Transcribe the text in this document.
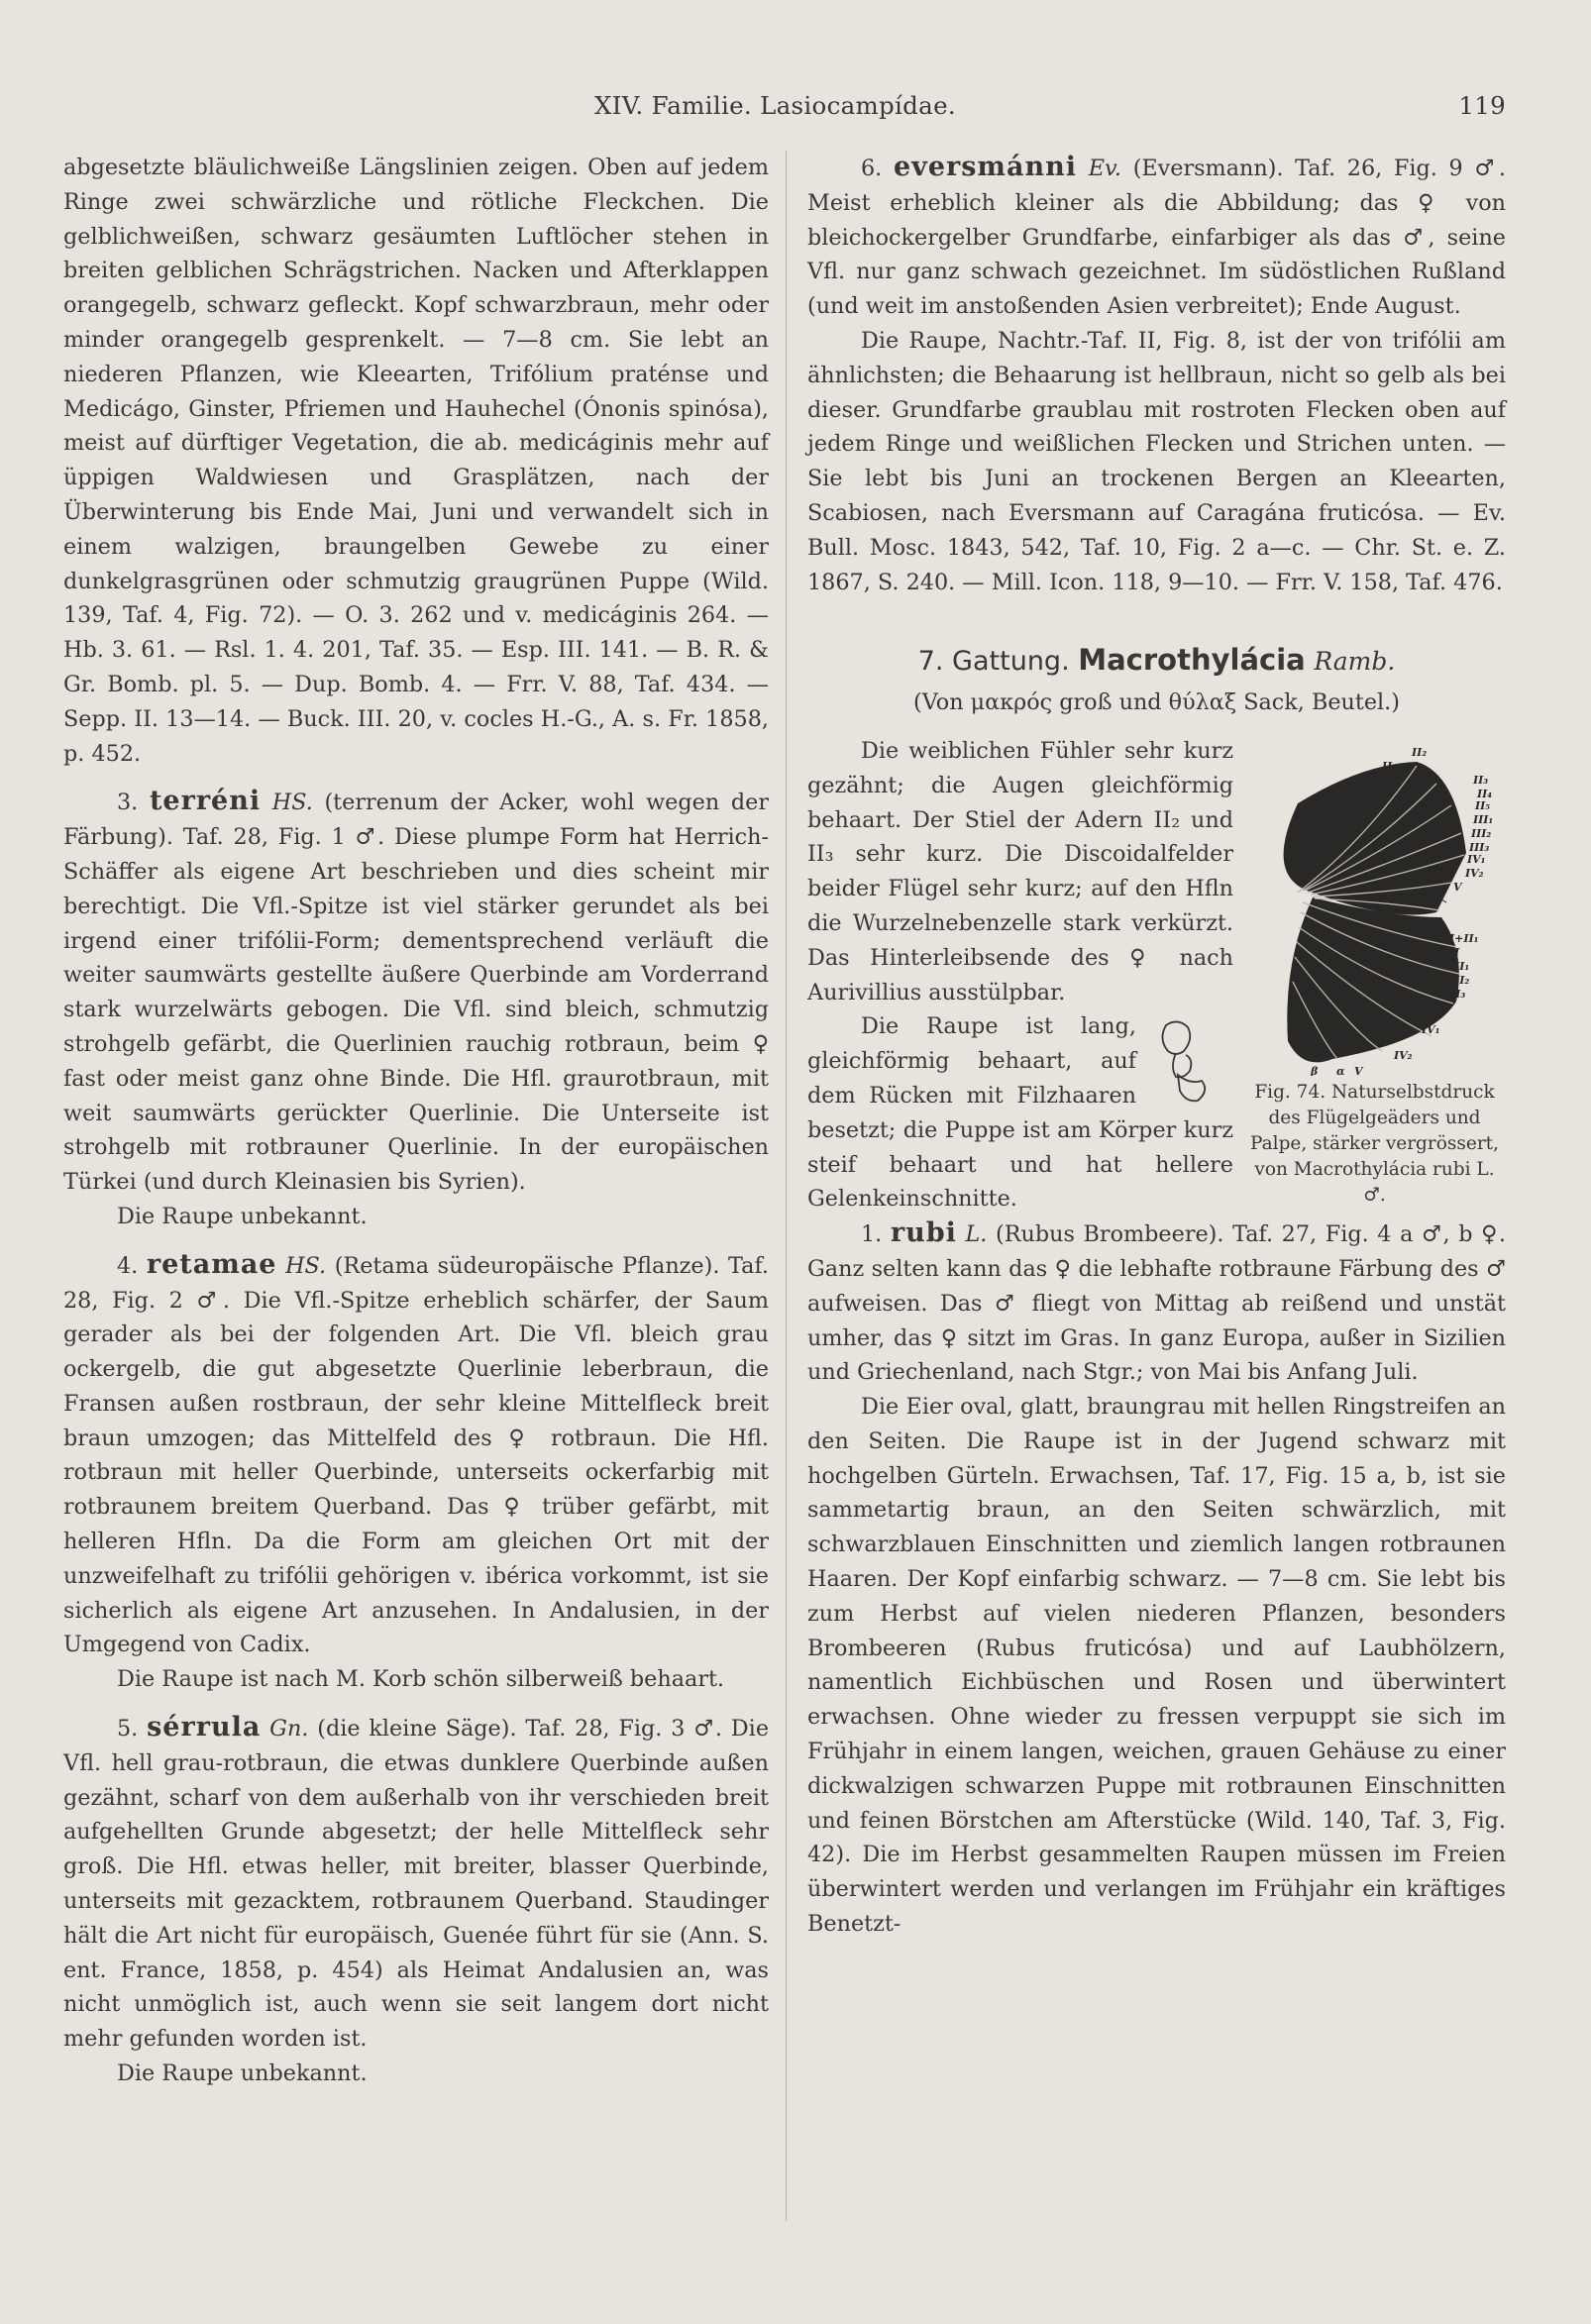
XIV. Familie. Lasiocampídae.	119

abgesetzte bläulichweiße Längslinien zeigen. Oben auf jedem Ringe zwei schwärzliche und rötliche Fleckchen. Die gelblichweißen, schwarz gesäumten Luftlöcher stehen in breiten gelblichen Schrägstrichen. Nacken und Afterklappen orangegelb, schwarz gefleckt. Kopf schwarzbraun, mehr oder minder orangegelb gesprenkelt. — 7—8 cm. Sie lebt an niederen Pflanzen, wie Kleearten, Trifólium praténse und Medicágo, Ginster, Pfriemen und Hauhechel (Ónonis spinósa), meist auf dürftiger Vegetation, die ab. medicáginis mehr auf üppigen Waldwiesen und Grasplätzen, nach der Überwinterung bis Ende Mai, Juni und verwandelt sich in einem walzigen, braungelben Gewebe zu einer dunkelgrasgrünen oder schmutzig graugrünen Puppe (Wild. 139, Taf. 4, Fig. 72). — O. 3. 262 und v. medicáginis 264. — Hb. 3. 61. — Rsl. 1. 4. 201, Taf. 35. — Esp. III. 141. — B. R. & Gr. Bomb. pl. 5. — Dup. Bomb. 4. — Frr. V. 88, Taf. 434. — Sepp. II. 13—14. — Buck. III. 20, v. cocles H.-G., A. s. Fr. 1858, p. 452.

3. terréni HS. (terrenum der Acker, wohl wegen der Färbung). Taf. 28, Fig. 1 ♂. Diese plumpe Form hat Herrich-Schäffer als eigene Art beschrieben und dies scheint mir berechtigt. Die Vfl.-Spitze ist viel stärker gerundet als bei irgend einer trifólii-Form; dementsprechend verläuft die weiter saumwärts gestellte äußere Querbinde am Vorderrand stark wurzelwärts gebogen. Die Vfl. sind bleich, schmutzig strohgelb gefärbt, die Querlinien rauchig rotbraun, beim ♀ fast oder meist ganz ohne Binde. Die Hfl. graurotbraun, mit weit saumwärts gerückter Querlinie. Die Unterseite ist strohgelb mit rotbrauner Querlinie. In der europäischen Türkei (und durch Kleinasien bis Syrien).

Die Raupe unbekannt.

4. retamae HS. (Retama südeuropäische Pflanze). Taf. 28, Fig. 2 ♂. Die Vfl.-Spitze erheblich schärfer, der Saum gerader als bei der folgenden Art. Die Vfl. bleich grau ockergelb, die gut abgesetzte Querlinie leberbraun, die Fransen außen rostbraun, der sehr kleine Mittelfleck breit braun umzogen; das Mittelfeld des ♀ rotbraun. Die Hfl. rotbraun mit heller Querbinde, unterseits ockerfarbig mit rotbraunem breitem Querband. Das ♀ trüber gefärbt, mit helleren Hfln. Da die Form am gleichen Ort mit der unzweifelhaft zu trifólii gehörigen v. ibérica vorkommt, ist sie sicherlich als eigene Art anzusehen. In Andalusien, in der Umgegend von Cadix.

Die Raupe ist nach M. Korb schön silberweiß behaart.

5. sérrula Gn. (die kleine Säge). Taf. 28, Fig. 3 ♂. Die Vfl. hell grau-rotbraun, die etwas dunklere Querbinde außen gezähnt, scharf von dem außerhalb von ihr verschieden breit aufgehellten Grunde abgesetzt; der helle Mittelfleck sehr groß. Die Hfl. etwas heller, mit breiter, blasser Querbinde, unterseits mit gezacktem, rotbraunem Querband. Staudinger hält die Art nicht für europäisch, Guenée führt für sie (Ann. S. ent. France, 1858, p. 454) als Heimat Andalusien an, was nicht unmöglich ist, auch wenn sie seit langem dort nicht mehr gefunden worden ist.

Die Raupe unbekannt.

6. eversmánni Ev. (Eversmann). Taf. 26, Fig. 9 ♂. Meist erheblich kleiner als die Abbildung; das ♀ von bleichockergelber Grundfarbe, einfarbiger als das ♂, seine Vfl. nur ganz schwach gezeichnet. Im südöstlichen Rußland (und weit im anstoßenden Asien verbreitet); Ende August.

Die Raupe, Nachtr.-Taf. II, Fig. 8, ist der von trifólii am ähnlichsten; die Behaarung ist hellbraun, nicht so gelb als bei dieser. Grundfarbe graublau mit rostroten Flecken oben auf jedem Ringe und weißlichen Flecken und Strichen unten. — Sie lebt bis Juni an trockenen Bergen an Kleearten, Scabiosen, nach Eversmann auf Caragána fruticósa. — Ev. Bull. Mosc. 1843, 542, Taf. 10, Fig. 2 a—c. — Chr. St. e. Z. 1867, S. 240. — Mill. Icon. 118, 9—10. — Frr. V. 158, Taf. 476.

7. Gattung. Macrothylácia Ramb.
(Von μακρός groß und θύλαξ Sack, Beutel.)
II₂
II₁
II₃
II₄
II₅
III₁
III₂
III₃
IV₁
IV₂
I
V
α
I+II₁
II
III₁
III₂
III₃
IV₁
β α V
IV₂
Fig. 74. Naturselbstdruck des Flügelgeäders und Palpe, stärker vergrössert, von Macrothylácia rubi L. ♂.

Die weiblichen Fühler sehr kurz gezähnt; die Augen gleichförmig behaart. Der Stiel der Adern II₂ und II₃ sehr kurz. Die Discoidalfelder beider Flügel sehr kurz; auf den Hfln die Wurzelnebenzelle stark verkürzt. Das Hinterleibsende des ♀ nach Aurivillius ausstülpbar.

Die Raupe ist lang, gleichförmig behaart, auf dem Rücken mit Filzhaaren besetzt; die Puppe ist am Körper kurz steif behaart und hat hellere Gelenkeinschnitte.

1. rubi L. (Rubus Brombeere). Taf. 27, Fig. 4 a ♂, b ♀. Ganz selten kann das ♀ die lebhafte rotbraune Färbung des ♂ aufweisen. Das ♂ fliegt von Mittag ab reißend und unstät umher, das ♀ sitzt im Gras. In ganz Europa, außer in Sizilien und Griechenland, nach Stgr.; von Mai bis Anfang Juli.

Die Eier oval, glatt, braungrau mit hellen Ringstreifen an den Seiten. Die Raupe ist in der Jugend schwarz mit hochgelben Gürteln. Erwachsen, Taf. 17, Fig. 15 a, b, ist sie sammetartig braun, an den Seiten schwärzlich, mit schwarzblauen Einschnitten und ziemlich langen rotbraunen Haaren. Der Kopf einfarbig schwarz. — 7—8 cm. Sie lebt bis zum Herbst auf vielen niederen Pflanzen, besonders Brombeeren (Rubus fruticósa) und auf Laubhölzern, namentlich Eichbüschen und Rosen und überwintert erwachsen. Ohne wieder zu fressen verpuppt sie sich im Frühjahr in einem langen, weichen, grauen Gehäuse zu einer dickwalzigen schwarzen Puppe mit rotbraunen Einschnitten und feinen Börstchen am Afterstücke (Wild. 140, Taf. 3, Fig. 42). Die im Herbst gesammelten Raupen müssen im Freien überwintert werden und verlangen im Frühjahr ein kräftiges Benetzt-
